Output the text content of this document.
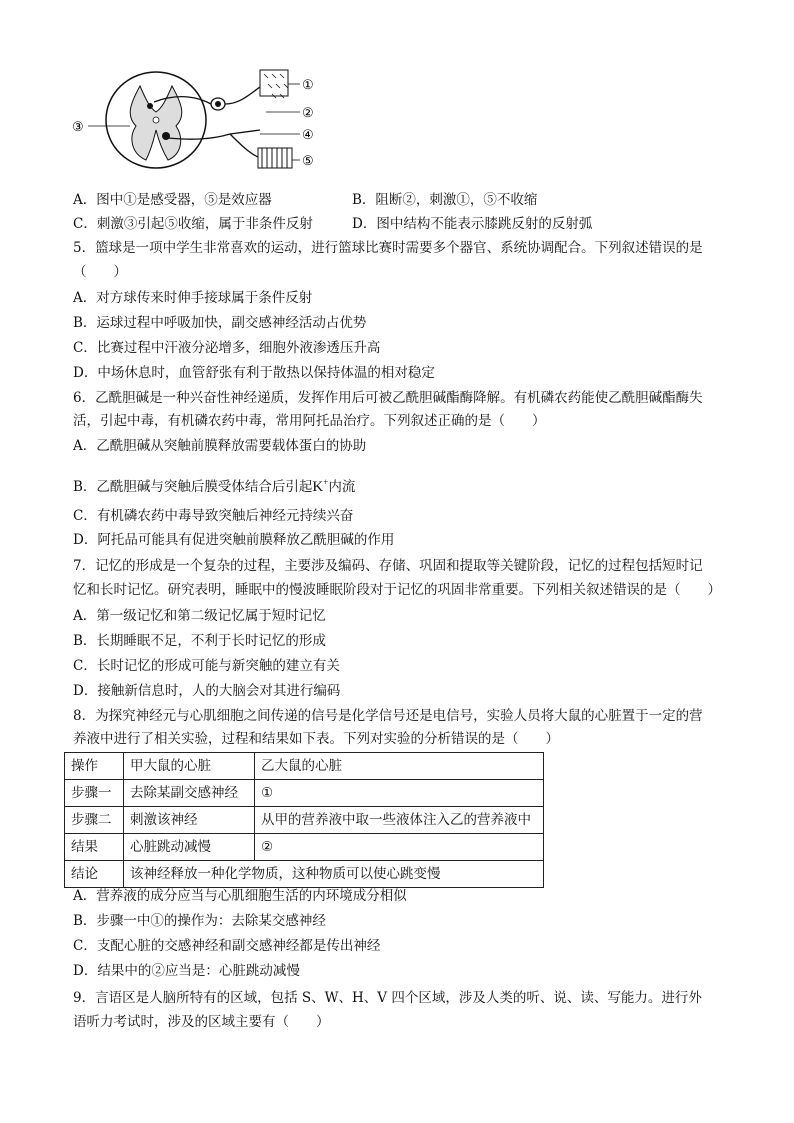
①
②
③
④
⑤
A．图中①是感受器，⑤是效应器	B．阻断②，刺激①，⑤不收缩
C．刺激③引起⑤收缩，属于非条件反射	D．图中结构不能表示膝跳反射的反射弧
5．篮球是一项中学生非常喜欢的运动，进行篮球比赛时需要多个器官、系统协调配合。下列叙述错误的是
（　　）
A．对方球传来时伸手接球属于条件反射
B．运球过程中呼吸加快，副交感神经活动占优势
C．比赛过程中汗液分泌增多，细胞外液渗透压升高
D．中场休息时，血管舒张有利于散热以保持体温的相对稳定
6．乙酰胆碱是一种兴奋性神经递质，发挥作用后可被乙酰胆碱酯酶降解。有机磷农药能使乙酰胆碱酯酶失
活，引起中毒，有机磷农药中毒，常用阿托品治疗。下列叙述正确的是（　　）
A．乙酰胆碱从突触前膜释放需要载体蛋白的协助
B．乙酰胆碱与突触后膜受体结合后引起K+内流
C．有机磷农药中毒导致突触后神经元持续兴奋
D．阿托品可能具有促进突触前膜释放乙酰胆碱的作用
7．记忆的形成是一个复杂的过程，主要涉及编码、存储、巩固和提取等关键阶段，记忆的过程包括短时记
忆和长时记忆。研究表明，睡眠中的慢波睡眠阶段对于记忆的巩固非常重要。下列相关叙述错误的是（　　）
A．第一级记忆和第二级记忆属于短时记忆
B．长期睡眠不足，不利于长时记忆的形成
C．长时记忆的形成可能与新突触的建立有关
D．接触新信息时，人的大脑会对其进行编码
8．为探究神经元与心肌细胞之间传递的信号是化学信号还是电信号，实验人员将大鼠的心脏置于一定的营
养液中进行了相关实验，过程和结果如下表。下列对实验的分析错误的是（　　）
操作	甲大鼠的心脏	乙大鼠的心脏
步骤一	去除某副交感神经	①
步骤二	刺激该神经	从甲的营养液中取一些液体注入乙的营养液中
结果	心脏跳动减慢	②
结论	该神经释放一种化学物质，这种物质可以使心跳变慢	
A．营养液的成分应当与心肌细胞生活的内环境成分相似
B．步骤一中①的操作为：去除某交感神经
C．支配心脏的交感神经和副交感神经都是传出神经
D．结果中的②应当是：心脏跳动减慢
9．言语区是人脑所特有的区域，包括 S、W、H、V 四个区域，涉及人类的听、说、读、写能力。进行外
语听力考试时，涉及的区域主要有（　　）
